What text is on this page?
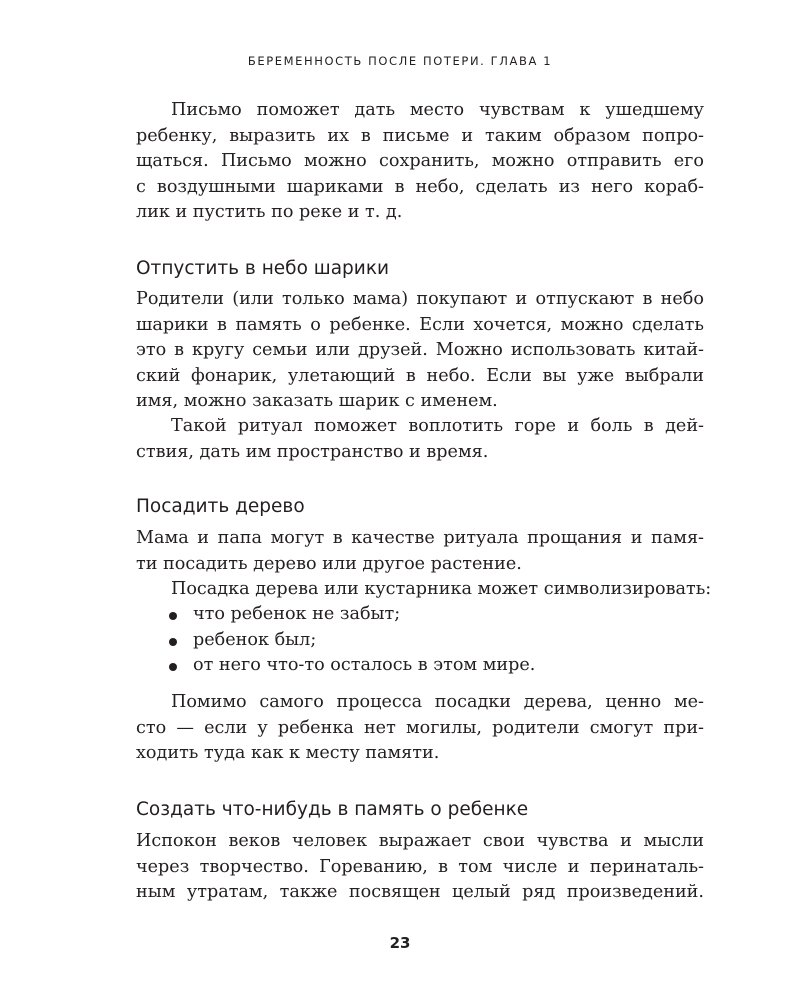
БЕРЕМЕННОСТЬ ПОСЛЕ ПОТЕРИ. ГЛАВА 1

Письмо поможет дать место чувствам к ушедшему
ребенку, выразить их в письме и таким образом попро-
щаться. Письмо можно сохранить, можно отправить его
с воздушными шариками в небо, сделать из него кораб-
лик и пустить по реке и т. д.

Отпустить в небо шарики

Родители (или только мама) покупают и отпускают в небо
шарики в память о ребенке. Если хочется, можно сделать
это в кругу семьи или друзей. Можно использовать китай-
ский фонарик, улетающий в небо. Если вы уже выбрали
имя, можно заказать шарик с именем.

Такой ритуал поможет воплотить горе и боль в дей-
ствия, дать им пространство и время.

Посадить дерево

Мама и папа могут в качестве ритуала прощания и памя-
ти посадить дерево или другое растение.

Посадка дерева или кустарника может символизировать:

что ребенок не забыт;
ребенок был;
от него что-то осталось в этом мире.

Помимо самого процесса посадки дерева, ценно ме-
сто — если у ребенка нет могилы, родители смогут при-
ходить туда как к месту памяти.

Создать что-нибудь в память о ребенке

Испокон веков человек выражает свои чувства и мысли
через творчество. Гореванию, в том числе и перинаталь-
ным утратам, также посвящен целый ряд произведений.

23
